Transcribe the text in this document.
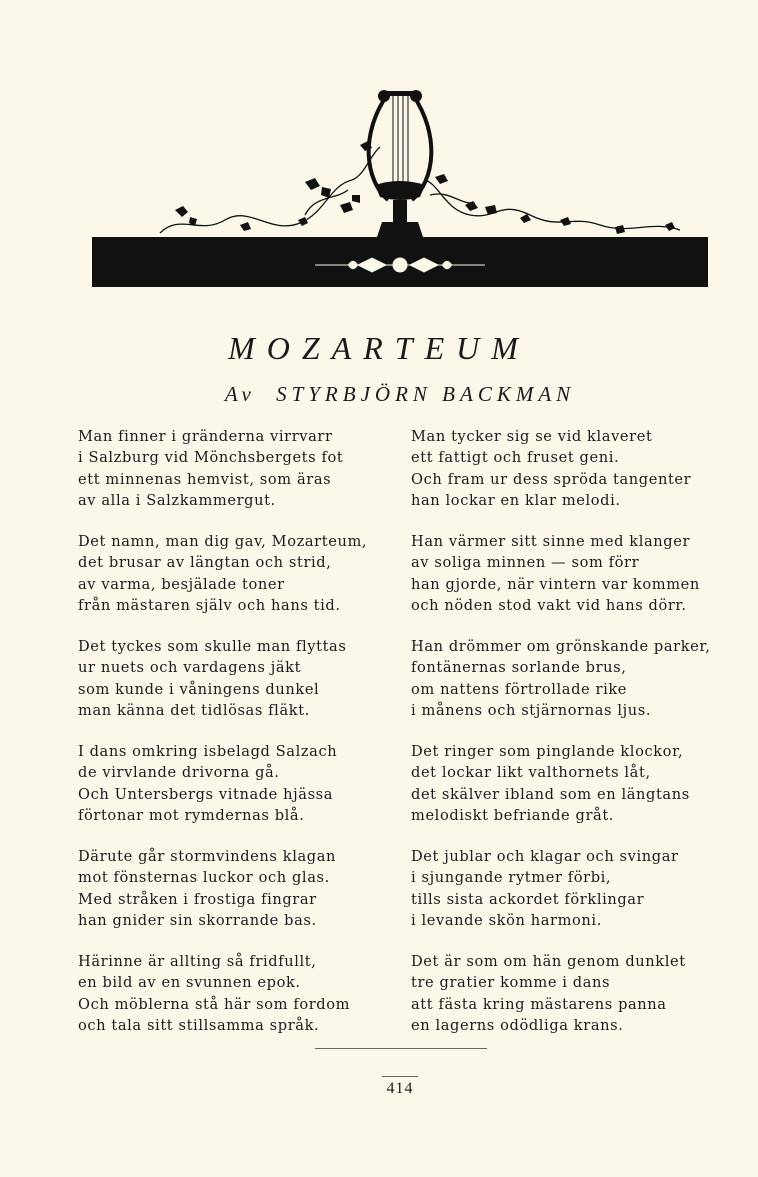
MOZARTEUM
Av STYRBJÖRN BACKMAN
Man finner i gränderna virrvarr
i Salzburg vid Mönchsbergets fot
ett minnenas hemvist, som äras
av alla i Salzkammergut.
Det namn, man dig gav, Mozarteum,
det brusar av längtan och strid,
av varma, besjälade toner
från mästaren själv och hans tid.
Det tyckes som skulle man flyttas
ur nuets och vardagens jäkt
som kunde i våningens dunkel
man känna det tidlösas fläkt.
I dans omkring isbelagd Salzach
de virvlande drivorna gå.
Och Untersbergs vitnade hjässa
förtonar mot rymdernas blå.
Därute går stormvindens klagan
mot fönsternas luckor och glas.
Med stråken i frostiga fingrar
han gnider sin skorrande bas.
Härinne är allting så fridfullt,
en bild av en svunnen epok.
Och möblerna stå här som fordom
och tala sitt stillsamma språk.
Man tycker sig se vid klaveret
ett fattigt och fruset geni.
Och fram ur dess spröda tangenter
han lockar en klar melodi.
Han värmer sitt sinne med klanger
av soliga minnen — som förr
han gjorde, när vintern var kommen
och nöden stod vakt vid hans dörr.
Han drömmer om grönskande parker,
fontänernas sorlande brus,
om nattens förtrollade rike
i månens och stjärnornas ljus.
Det ringer som pinglande klockor,
det lockar likt valthornets låt,
det skälver ibland som en längtans
melodiskt befriande gråt.
Det jublar och klagar och svingar
i sjungande rytmer förbi,
tills sista ackordet förklingar
i levande skön harmoni.
Det är som om hän genom dunklet
tre gratier komme i dans
att fästa kring mästarens panna
en lagerns odödliga krans.
414
